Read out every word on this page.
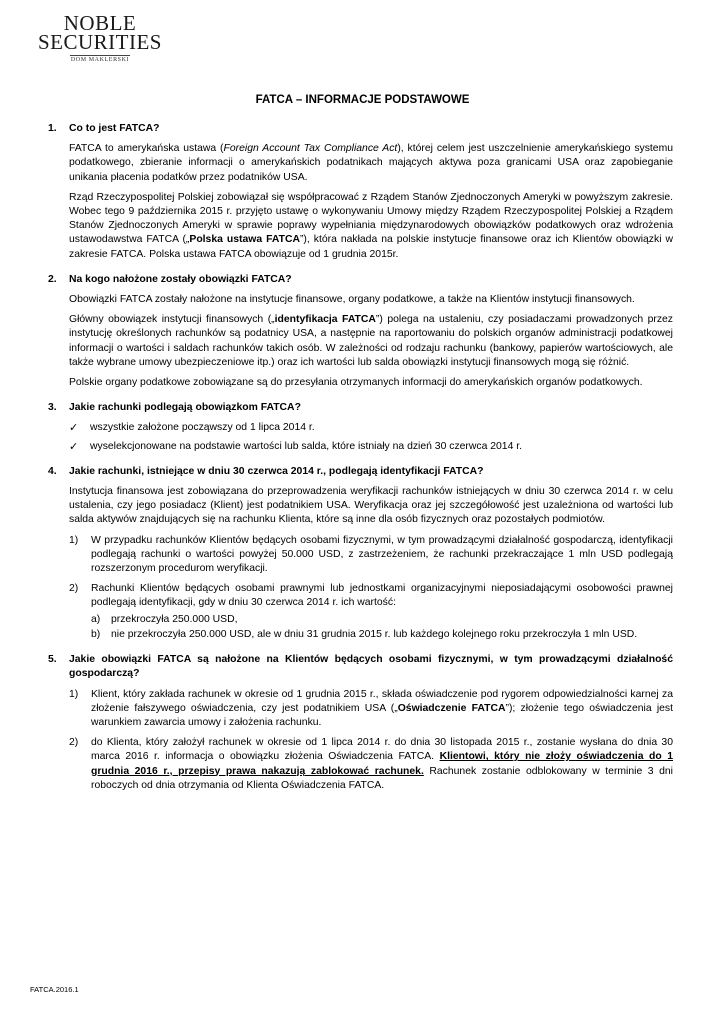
NOBLE
SECURITIES
DOM MAKLERSKI
FATCA – INFORMACJE PODSTAWOWE
1.	Co to jest FATCA?

FATCA to amerykańska ustawa (Foreign Account Tax Compliance Act), której celem jest uszczelnienie amerykańskiego systemu podatkowego, zbieranie informacji o amerykańskich podatnikach mających aktywa poza granicami USA oraz zapobieganie unikania płacenia podatków przez podatników USA.

Rząd Rzeczypospolitej Polskiej zobowiązał się współpracować z Rządem Stanów Zjednoczonych Ameryki w powyższym zakresie. Wobec tego 9 października 2015 r. przyjęto ustawę o wykonywaniu Umowy między Rządem Rzeczypospolitej Polskiej a Rządem Stanów Zjednoczonych Ameryki w sprawie poprawy wypełniania międzynarodowych obowiązków podatkowych oraz wdrożenia ustawodawstwa FATCA („Polska ustawa FATCA”), która nakłada na polskie instytucje finansowe oraz ich Klientów obowiązki w zakresie FATCA. Polska ustawa FATCA obowiązuje od 1 grudnia 2015r.

2.	Na kogo nałożone zostały obowiązki FATCA?

Obowiązki FATCA zostały nałożone na instytucje finansowe, organy podatkowe, a także na Klientów instytucji finansowych.

Główny obowiązek instytucji finansowych („identyfikacja FATCA”) polega na ustaleniu, czy posiadaczami prowadzonych przez instytucję określonych rachunków są podatnicy USA, a następnie na raportowaniu do polskich organów administracji podatkowej informacji o wartości i saldach rachunków takich osób. W zależności od rodzaju rachunku (bankowy, papierów wartościowych, ale także wybrane umowy ubezpieczeniowe itp.) oraz ich wartości lub salda obowiązki instytucji finansowych mogą się różnić.

Polskie organy podatkowe zobowiązane są do przesyłania otrzymanych informacji do amerykańskich organów podatkowych.

3.	Jakie rachunki podlegają obowiązkom FATCA?
✓	wszystkie założone począwszy od 1 lipca 2014 r.
✓	wyselekcjonowane na podstawie wartości lub salda, które istniały na dzień 30 czerwca 2014 r.
4.	Jakie rachunki, istniejące w dniu 30 czerwca 2014 r., podlegają identyfikacji FATCA?

Instytucja finansowa jest zobowiązana do przeprowadzenia weryfikacji rachunków istniejących w dniu 30 czerwca 2014 r. w celu ustalenia, czy jego posiadacz (Klient) jest podatnikiem USA. Weryfikacja oraz jej szczegółowość jest uzależniona od wartości lub salda aktywów znajdujących się na rachunku Klienta, które są inne dla osób fizycznych oraz pozostałych podmiotów.

1)	W przypadku rachunków Klientów będących osobami fizycznymi, w tym prowadzącymi działalność gospodarczą, identyfikacji podlegają rachunki o wartości powyżej 50.000 USD, z zastrzeżeniem, że rachunki przekraczające 1 mln USD podlegają rozszerzonym procedurom weryfikacji.
2)	Rachunki Klientów będących osobami prawnymi lub jednostkami organizacyjnymi nieposiadającymi osobowości prawnej podlegają identyfikacji, gdy w dniu 30 czerwca 2014 r. ich wartość:
a)	przekroczyła 250.000 USD,
b)	nie przekroczyła 250.000 USD, ale w dniu 31 grudnia 2015 r. lub każdego kolejnego roku przekroczyła 1 mln USD.
5.	Jakie obowiązki FATCA są nałożone na Klientów będących osobami fizycznymi, w tym prowadzącymi działalność gospodarczą?
1)	Klient, który zakłada rachunek w okresie od 1 grudnia 2015 r., składa oświadczenie pod rygorem odpowiedzialności karnej za złożenie fałszywego oświadczenia, czy jest podatnikiem USA („Oświadczenie FATCA”); złożenie tego oświadczenia jest warunkiem zawarcia umowy i założenia rachunku.
2)	do Klienta, który założył rachunek w okresie od 1 lipca 2014 r. do dnia 30 listopada 2015 r., zostanie wysłana do dnia 30 marca 2016 r. informacja o obowiązku złożenia Oświadczenia FATCA. Klientowi, który nie złoży oświadczenia do 1 grudnia 2016 r., przepisy prawa nakazują zablokować rachunek. Rachunek zostanie odblokowany w terminie 3 dni roboczych od dnia otrzymania od Klienta Oświadczenia FATCA.
FATCA.2016.1
